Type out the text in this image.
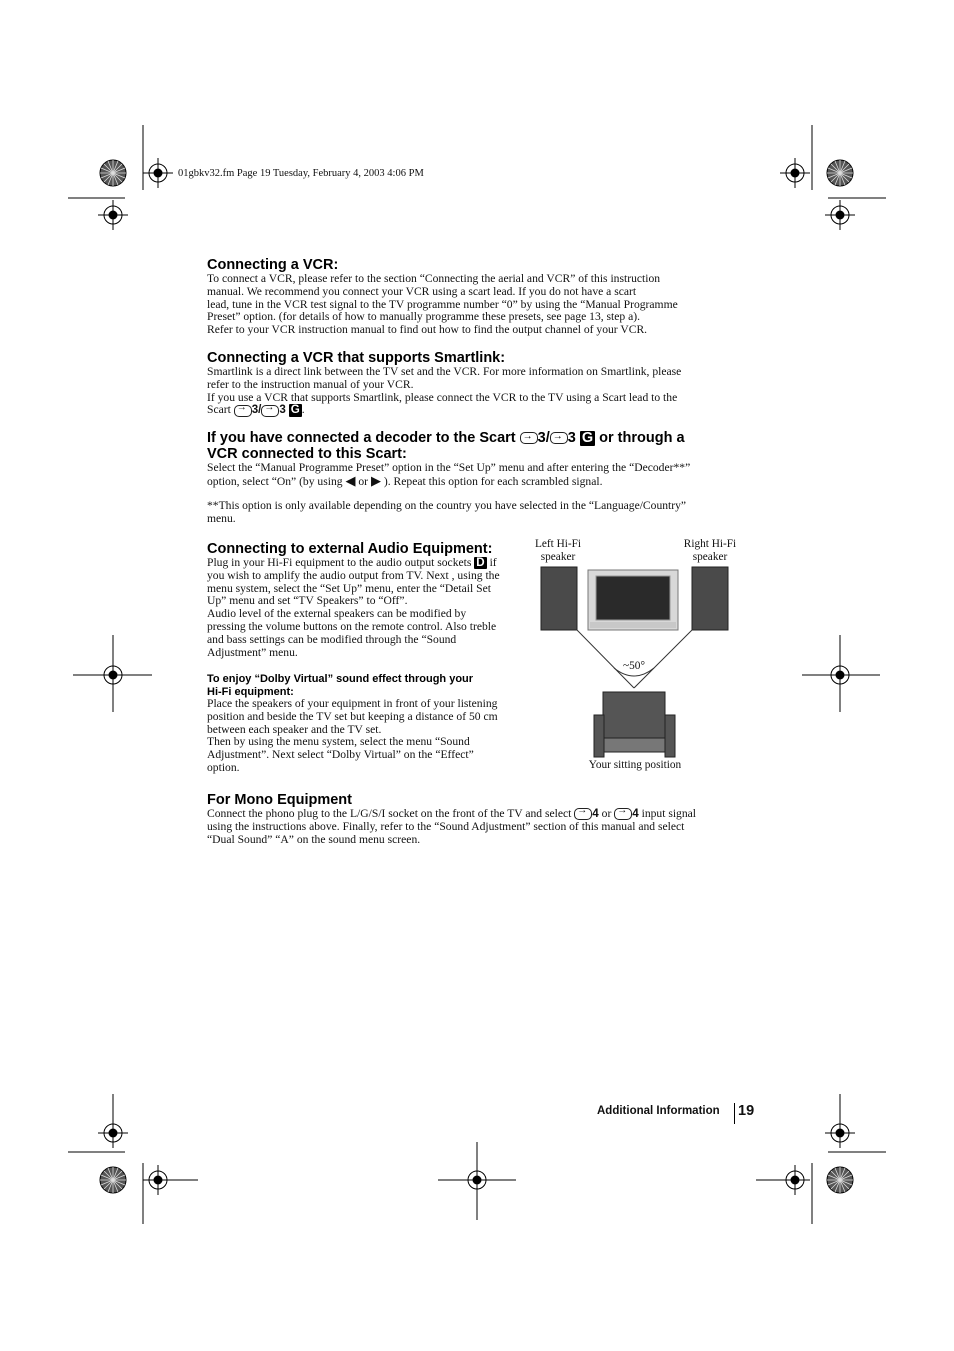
01gbkv32.fm Page 19 Tuesday, February 4, 2003 4:06 PM
Connecting a VCR:
To connect a VCR, please refer to the section “Connecting the aerial and VCR” of this instruction
manual. We recommend you connect your VCR using a scart lead. If you do not have a scart
lead, tune in the VCR test signal to the TV programme number “0” by using the “Manual Programme
Preset” option. (for details of how to manually programme these presets, see page 13, step a).
Refer to your VCR instruction manual to find out how to find the output channel of your VCR.
Connecting a VCR that supports Smartlink:
Smartlink is a direct link between the TV set and the VCR. For more information on Smartlink, please
refer to the instruction manual of your VCR.
If you use a VCR that supports Smartlink, please connect the VCR to the TV using a Scart lead to the
Scart → 3/ → 3 G .
If you have connected a decoder to the Scart → 3/ → 3 G or through a
VCR connected to this Scart:
Select the “Manual Programme Preset” option in the “Set Up” menu and after entering the “Decoder**”
option, select “On” (by using ◀ or ▶ ). Repeat this option for each scrambled signal.
**This option is only available depending on the country you have selected in the “Language/Country”
menu.
Connecting to external Audio Equipment:
Plug in your Hi-Fi equipment to the audio output sockets D if
you wish to amplify the audio output from TV. Next , using the
menu system, select the “Set Up” menu, enter the “Detail Set
Up” menu and set “TV Speakers” to “Off”.
Audio level of the external speakers can be modified by
pressing the volume buttons on the remote control. Also treble
and bass settings can be modified through the “Sound
Adjustment” menu.
To enjoy “Dolby Virtual” sound effect through your
Hi-Fi equipment:
Place the speakers of your equipment in front of your listening
position and beside the TV set but keeping a distance of 50 cm
between each speaker and the TV set.
Then by using the menu system, select the menu “Sound
Adjustment”. Next select “Dolby Virtual” on the “Effect”
option.
Left Hi-Fi
speaker
Right Hi-Fi
speaker
~50°
Your sitting position
For Mono Equipment
Connect the phono plug to the L/G/S/I socket on the front of the TV and select → 4 or → 4 input signal
using the instructions above. Finally, refer to the “Sound Adjustment” section of this manual and select
“Dual Sound” “A” on the sound menu screen.
Additional Information 19
